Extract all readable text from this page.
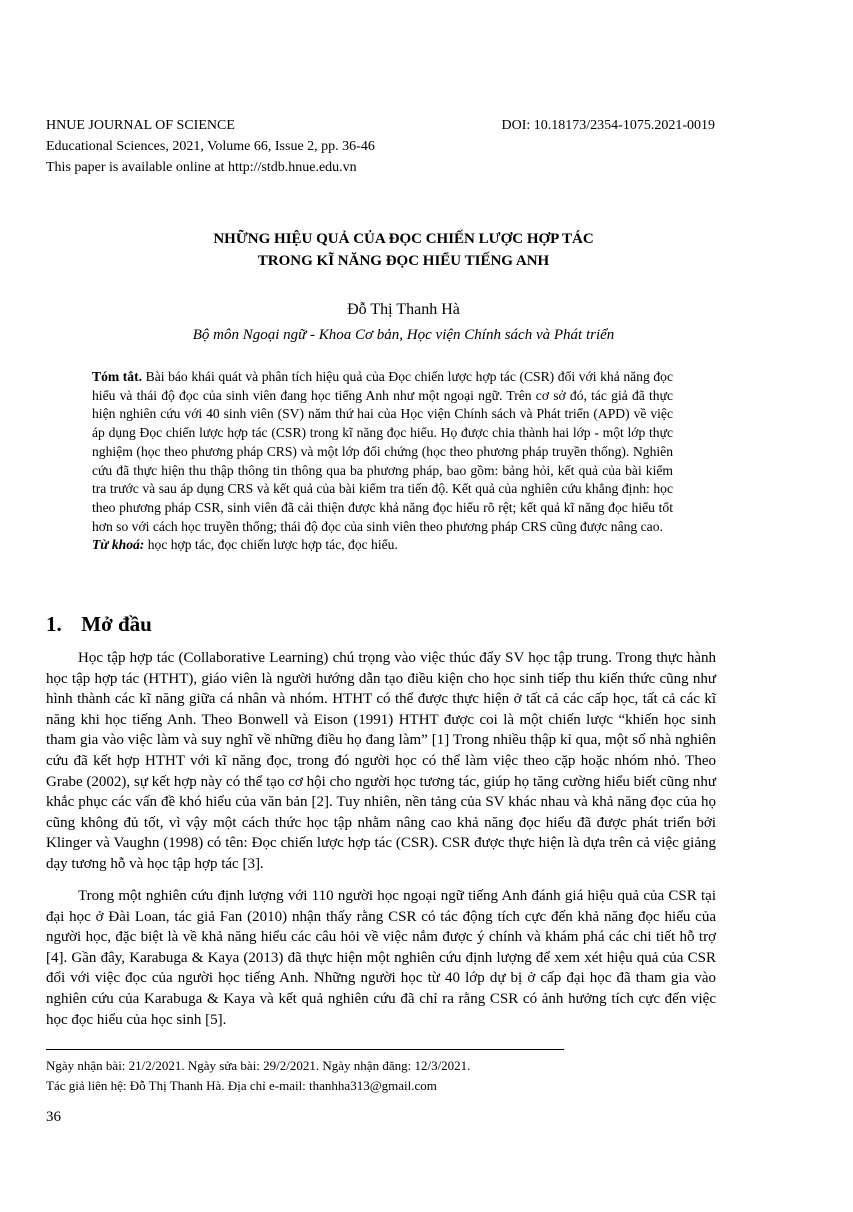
HNUE JOURNAL OF SCIENCE	DOI: 10.18173/2354-1075.2021-0019
Educational Sciences, 2021, Volume 66, Issue 2, pp. 36-46
This paper is available online at http://stdb.hnue.edu.vn
NHỮNG HIỆU QUẢ CỦA ĐỌC CHIẾN LƯỢC HỢP TÁC
TRONG KĨ NĂNG ĐỌC HIỂU TIẾNG ANH
Đỗ Thị Thanh Hà
Bộ môn Ngoại ngữ - Khoa Cơ bản, Học viện Chính sách và Phát triển

Tóm tắt. Bài báo khái quát và phân tích hiệu quả của Đọc chiến lược hợp tác (CSR) đối với khả năng đọc hiểu và thái độ đọc của sinh viên đang học tiếng Anh như một ngoại ngữ. Trên cơ sở đó, tác giả đã thực hiện nghiên cứu với 40 sinh viên (SV) năm thứ hai của Học viện Chính sách và Phát triển (APD) về việc áp dụng Đọc chiến lược hợp tác (CSR) trong kĩ năng đọc hiểu. Họ được chia thành hai lớp - một lớp thực nghiệm (học theo phương pháp CRS) và một lớp đối chứng (học theo phương pháp truyền thống). Nghiên cứu đã thực hiện thu thập thông tin thông qua ba phương pháp, bao gồm: bảng hỏi, kết quả của bài kiểm tra trước và sau áp dụng CRS và kết quả của bài kiểm tra tiến độ. Kết quả của nghiên cứu khẳng định: học theo phương pháp CSR, sinh viên đã cải thiện được khả năng đọc hiểu rõ rệt; kết quả kĩ năng đọc hiểu tốt hơn so với cách học truyền thống; thái độ đọc của sinh viên theo phương pháp CRS cũng được nâng cao.

Từ khoá: học hợp tác, đọc chiến lược hợp tác, đọc hiểu.

1. Mở đầu

Học tập hợp tác (Collaborative Learning) chú trọng vào việc thúc đẩy SV học tập trung. Trong thực hành học tập hợp tác (HTHT), giáo viên là người hướng dẫn tạo điều kiện cho học sinh tiếp thu kiến thức cũng như hình thành các kĩ năng giữa cá nhân và nhóm. HTHT có thể được thực hiện ở tất cả các cấp học, tất cả các kĩ năng khi học tiếng Anh. Theo Bonwell và Eison (1991) HTHT được coi là một chiến lược “khiến học sinh tham gia vào việc làm và suy nghĩ về những điều họ đang làm” [1] Trong nhiều thập kỉ qua, một số nhà nghiên cứu đã kết hợp HTHT với kĩ năng đọc, trong đó người học có thể làm việc theo cặp hoặc nhóm nhỏ. Theo Grabe (2002), sự kết hợp này có thể tạo cơ hội cho người học tương tác, giúp họ tăng cường hiểu biết cũng như khắc phục các vấn đề khó hiểu của văn bản [2]. Tuy nhiên, nền tảng của SV khác nhau và khả năng đọc của họ cũng không đủ tốt, vì vậy một cách thức học tập nhằm nâng cao khả năng đọc hiểu đã được phát triển bởi Klinger và Vaughn (1998) có tên: Đọc chiến lược hợp tác (CSR). CSR được thực hiện là dựa trên cả việc giảng dạy tương hỗ và học tập hợp tác [3].

Trong một nghiên cứu định lượng với 110 người học ngoại ngữ tiếng Anh đánh giá hiệu quả của CSR tại đại học ở Đài Loan, tác giả Fan (2010) nhận thấy rằng CSR có tác động tích cực đến khả năng đọc hiểu của người học, đặc biệt là về khả năng hiểu các câu hỏi về việc nắm được ý chính và khám phá các chi tiết hỗ trợ [4]. Gần đây, Karabuga & Kaya (2013) đã thực hiện một nghiên cứu định lượng để xem xét hiệu quả của CSR đối với việc đọc của người học tiếng Anh. Những người học từ 40 lớp dự bị ở cấp đại học đã tham gia vào nghiên cứu của Karabuga & Kaya và kết quả nghiên cứu đã chỉ ra rằng CSR có ảnh hưởng tích cực đến việc học đọc hiểu của học sinh [5].

Ngày nhận bài: 21/2/2021. Ngày sửa bài: 29/2/2021. Ngày nhận đăng: 12/3/2021.
Tác giả liên hệ: Đỗ Thị Thanh Hà. Địa chỉ e-mail: thanhha313@gmail.com
36
